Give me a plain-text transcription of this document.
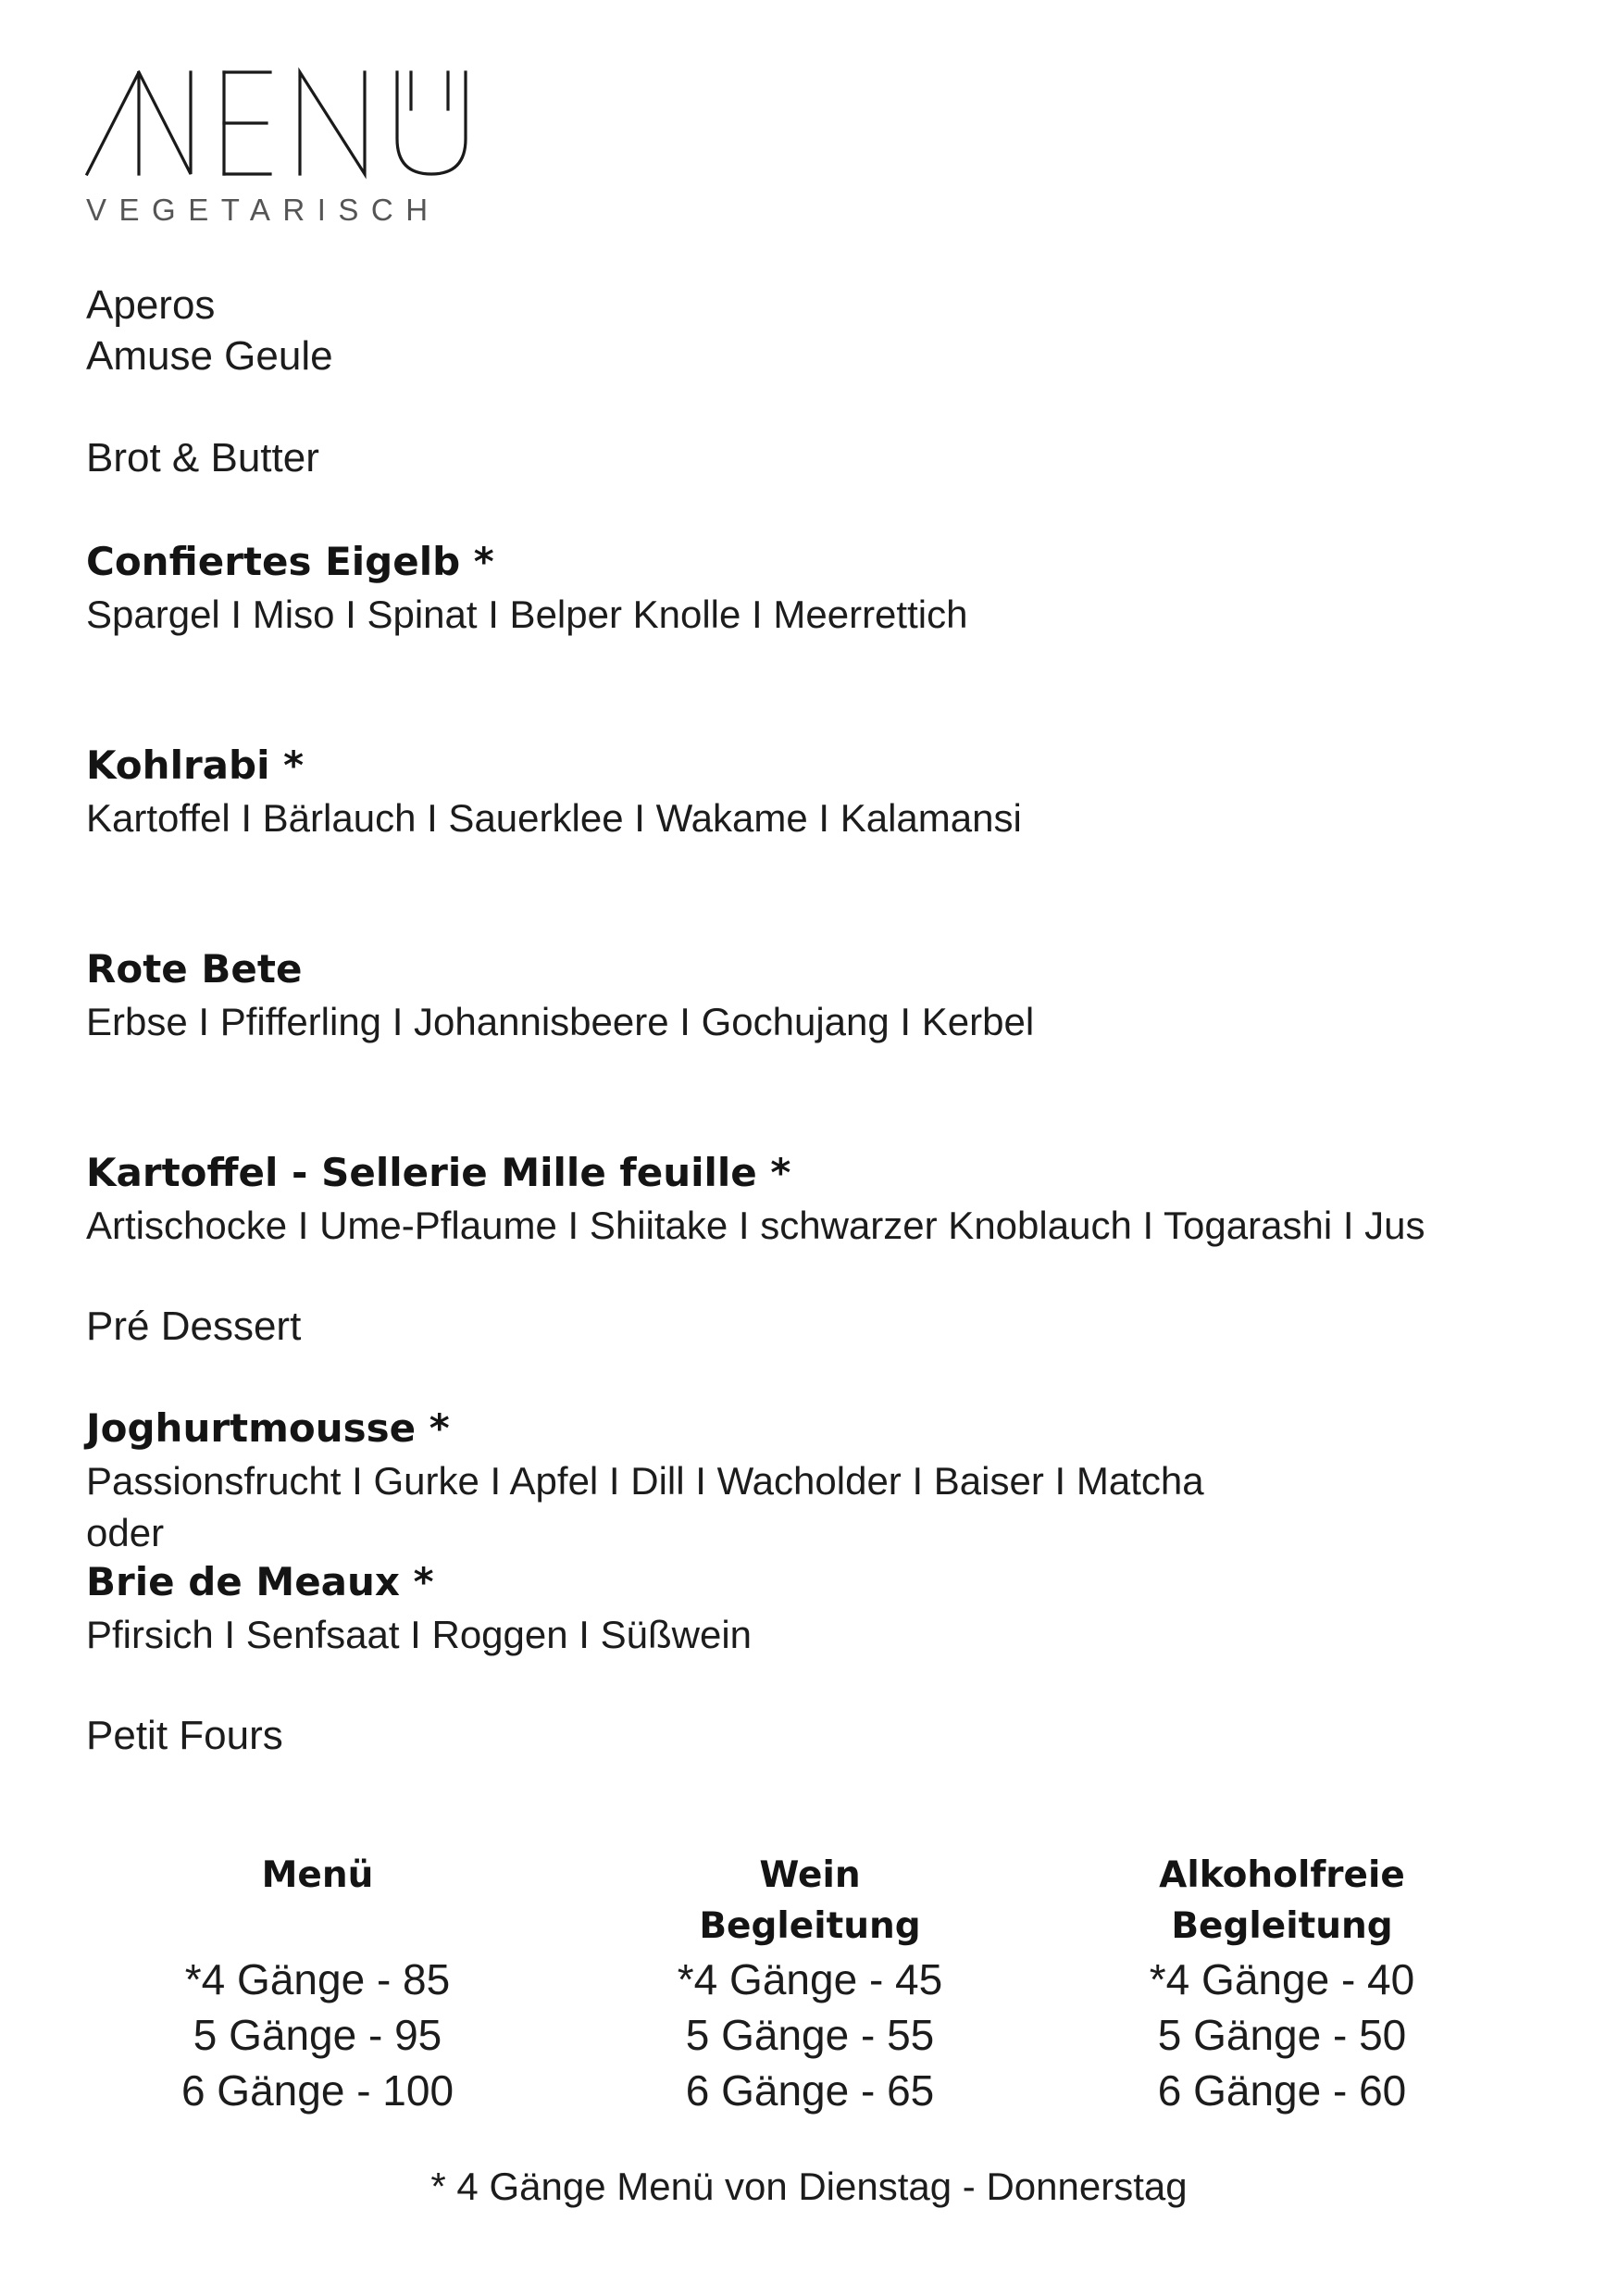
VEGETARISCH
Aperos
Amuse Geule
Brot & Butter
Confiertes Eigelb *
Spargel I Miso I Spinat I Belper Knolle I Meerrettich
Kohlrabi *
Kartoffel I Bärlauch I Sauerklee I Wakame I Kalamansi
Rote Bete
Erbse I Pfifferling I Johannisbeere I Gochujang I Kerbel
Kartoffel - Sellerie Mille feuille *
Artischocke I Ume-Pflaume I Shiitake I schwarzer Knoblauch I Togarashi I Jus
Pré Dessert
Joghurtmousse *
Passionsfrucht I Gurke I Apfel I Dill I Wacholder I Baiser I Matcha
oder
Brie de Meaux *
Pfirsich I Senfsaat I Roggen I Süßwein
Petit Fours
Menü
*4 Gänge - 85
5 Gänge - 95
6 Gänge - 100
Wein
Begleitung
*4 Gänge - 45
5 Gänge - 55
6 Gänge - 65
Alkoholfreie
Begleitung
*4 Gänge - 40
5 Gänge - 50
6 Gänge - 60
* 4 Gänge Menü von Dienstag - Donnerstag
